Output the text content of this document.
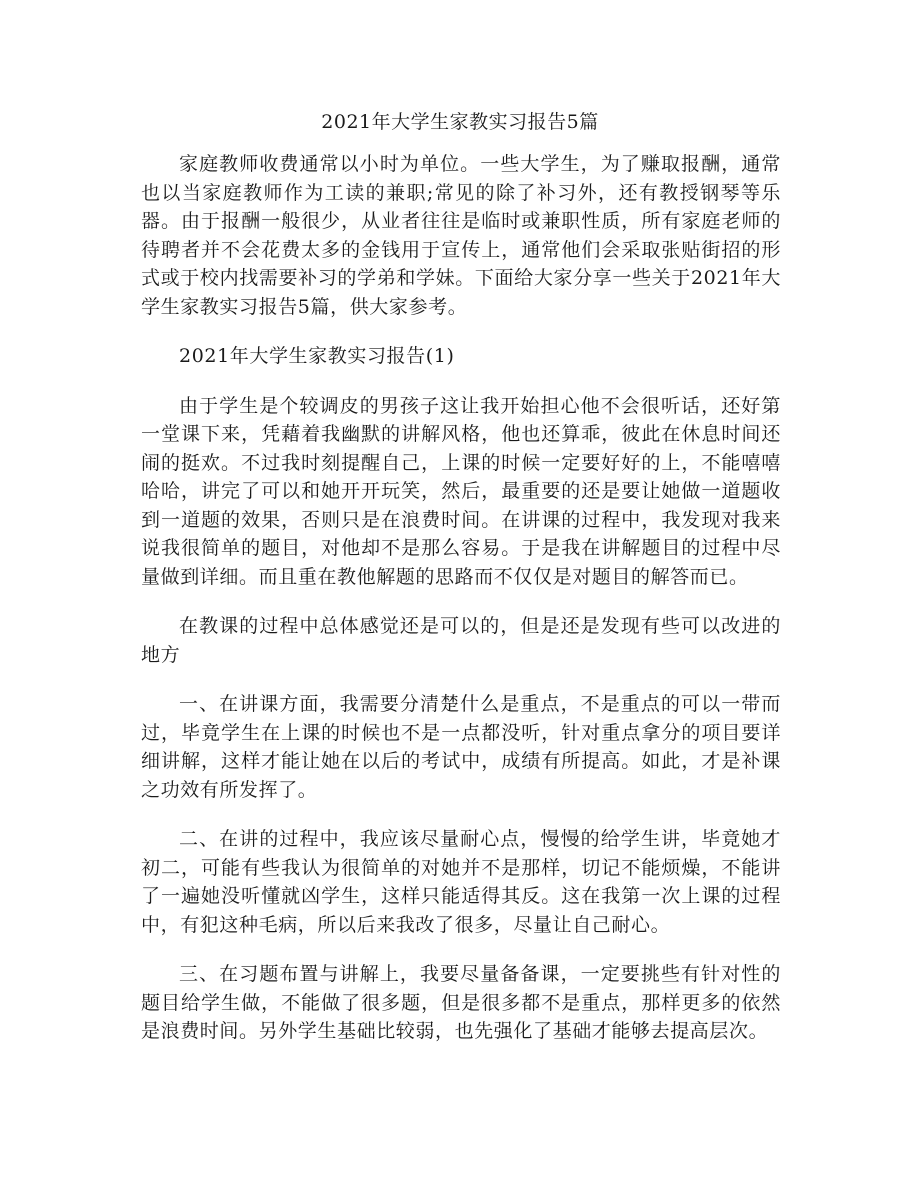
2021年大学生家教实习报告5篇

家庭教师收费通常以小时为单位。一些大学生，为了赚取报酬，通常也以当家庭教师作为工读的兼职;常见的除了补习外，还有教授钢琴等乐器。由于报酬一般很少，从业者往往是临时或兼职性质，所有家庭老师的待聘者并不会花费太多的金钱用于宣传上，通常他们会采取张贴街招的形式或于校内找需要补习的学弟和学妹。下面给大家分享一些关于2021年大学生家教实习报告5篇，供大家参考。

2021年大学生家教实习报告(1)

由于学生是个较调皮的男孩子这让我开始担心他不会很听话，还好第一堂课下来，凭藉着我幽默的讲解风格，他也还算乖，彼此在休息时间还闹的挺欢。不过我时刻提醒自己，上课的时候一定要好好的上，不能嘻嘻哈哈，讲完了可以和她开开玩笑，然后，最重要的还是要让她做一道题收到一道题的效果，否则只是在浪费时间。在讲课的过程中，我发现对我来说我很简单的题目，对他却不是那么容易。于是我在讲解题目的过程中尽量做到详细。而且重在教他解题的思路而不仅仅是对题目的解答而已。

在教课的过程中总体感觉还是可以的，但是还是发现有些可以改进的地方

一、在讲课方面，我需要分清楚什么是重点，不是重点的可以一带而过，毕竟学生在上课的时候也不是一点都没听，针对重点拿分的项目要详细讲解，这样才能让她在以后的考试中，成绩有所提高。如此，才是补课之功效有所发挥了。

二、在讲的过程中，我应该尽量耐心点，慢慢的给学生讲，毕竟她才初二，可能有些我认为很简单的对她并不是那样，切记不能烦燥，不能讲了一遍她没听懂就凶学生，这样只能适得其反。这在我第一次上课的过程中，有犯这种毛病，所以后来我改了很多，尽量让自己耐心。

三、在习题布置与讲解上，我要尽量备备课，一定要挑些有针对性的题目给学生做，不能做了很多题，但是很多都不是重点，那样更多的依然是浪费时间。另外学生基础比较弱，也先强化了基础才能够去提高层次。
